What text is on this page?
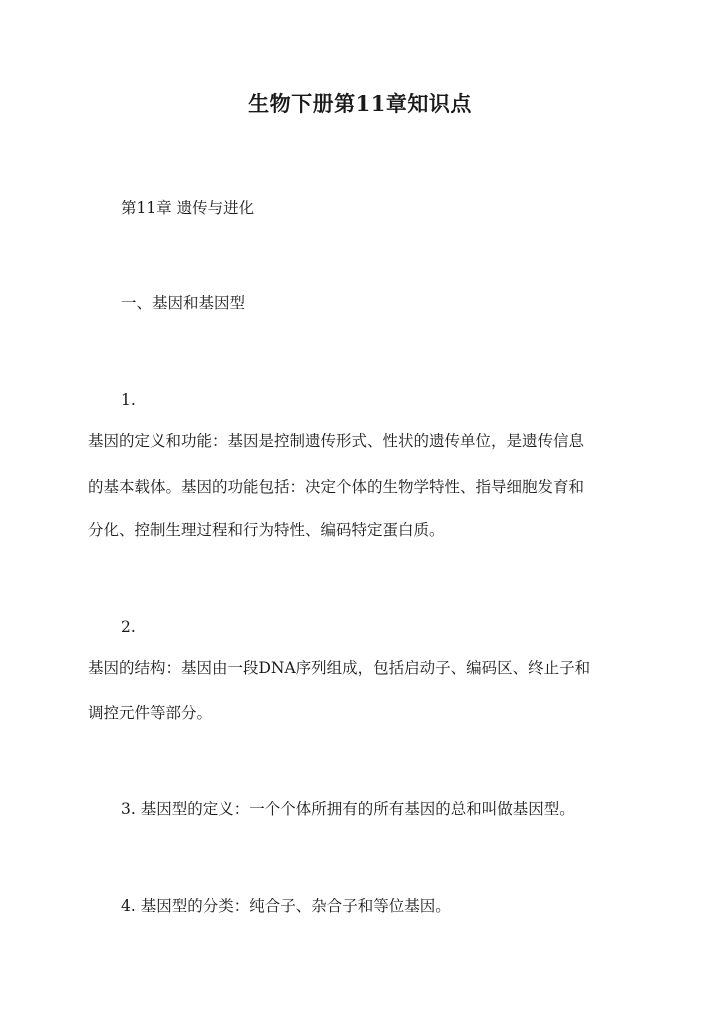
生物下册第11章知识点
第11章 遗传与进化
一、基因和基因型
1.
基因的定义和功能：基因是控制遗传形式、性状的遗传单位，是遗传信息
的基本载体。基因的功能包括：决定个体的生物学特性、指导细胞发育和
分化、控制生理过程和行为特性、编码特定蛋白质。
2.
基因的结构：基因由一段DNA序列组成，包括启动子、编码区、终止子和
调控元件等部分。
3. 基因型的定义：一个个体所拥有的所有基因的总和叫做基因型。
4. 基因型的分类：纯合子、杂合子和等位基因。
